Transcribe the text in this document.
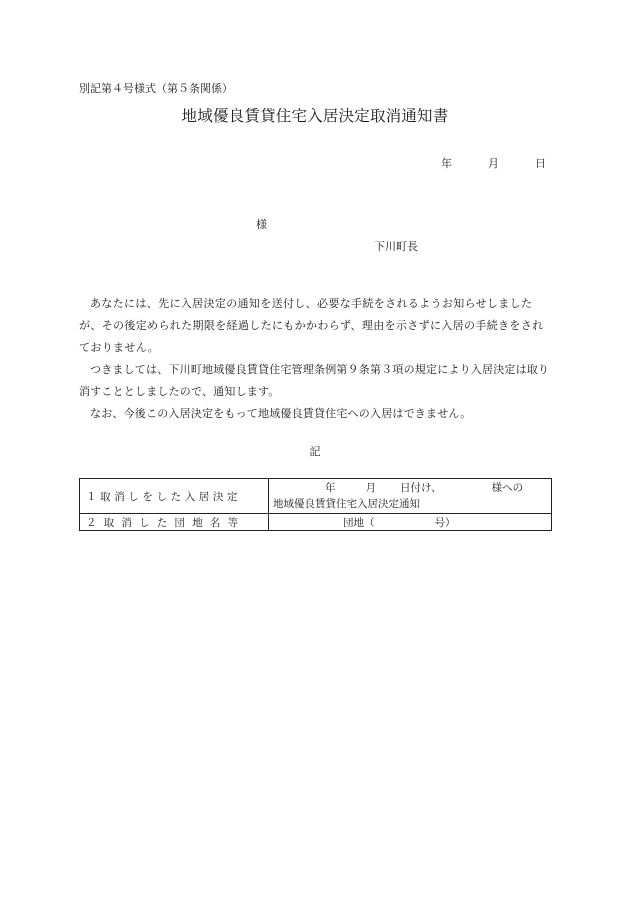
別記第４号様式（第５条関係）
地域優良賃貸住宅入居決定取消通知書
年	月	日
様
下川町長

あなたには、先に入居決定の通知を送付し、必要な手続をされるようお知らせしましたが、その後定められた期限を経過したにもかかわらず、理由を示さずに入居の手続きをされておりません。

つきましては、下川町地域優良賃貸住宅管理条例第９条第３項の規定により入居決定は取り消すこととしましたので、通知します。

なお、今後この入居決定をもって地域優良賃貸住宅への入居はできません。

記
１取消しをした入居決定	年 月 日付け、 様への
地域優良賃貸住宅入居決定通知

２取消した団地名等	団地（ 号）
